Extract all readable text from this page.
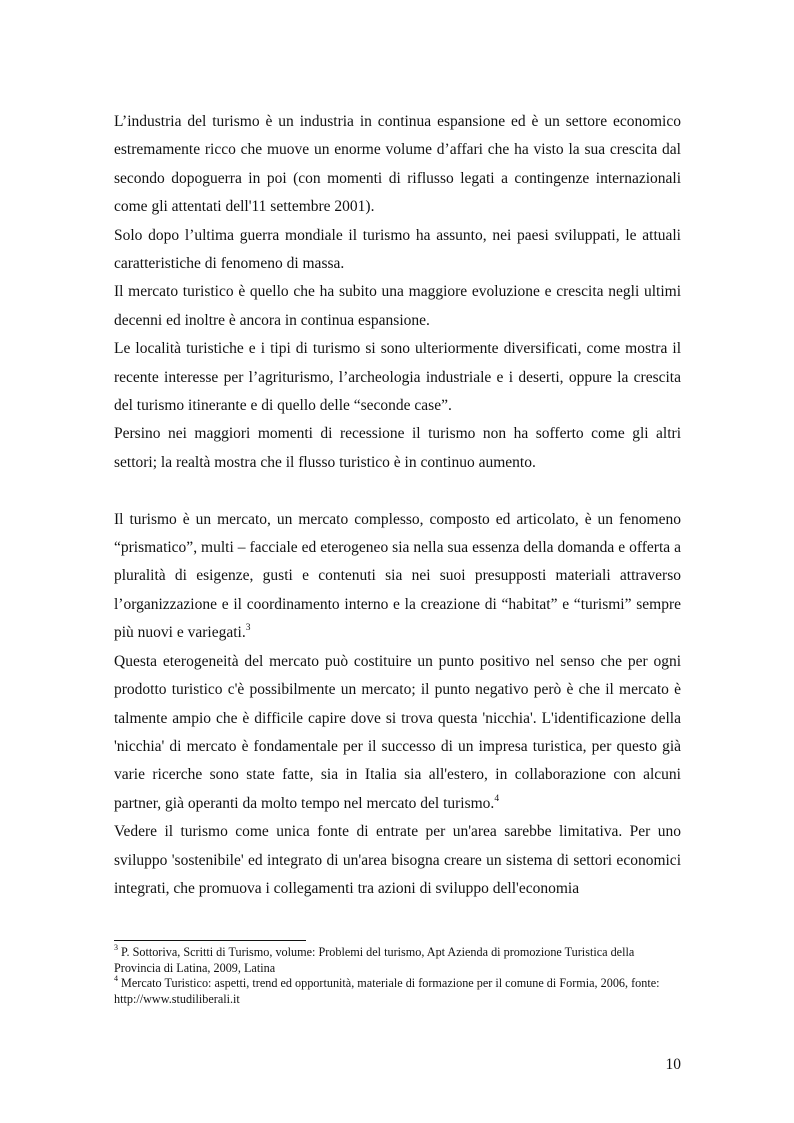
L’industria del turismo è un industria in continua espansione ed è un settore economico estremamente ricco che muove un enorme volume d’affari che ha visto la sua crescita dal secondo dopoguerra in poi (con momenti di riflusso legati a contingenze internazionali come gli attentati dell'11 settembre 2001).

Solo dopo l’ultima guerra mondiale il turismo ha assunto, nei paesi sviluppati, le attuali caratteristiche di fenomeno di massa.

Il mercato turistico è quello che ha subito una maggiore evoluzione e crescita negli ultimi decenni ed inoltre è ancora in continua espansione.

Le località turistiche e i tipi di turismo si sono ulteriormente diversificati, come mostra il recente interesse per l’agriturismo, l’archeologia industriale e i deserti, oppure la crescita del turismo itinerante e di quello delle “seconde case”.

Persino nei maggiori momenti di recessione il turismo non ha sofferto come gli altri settori; la realtà mostra che il flusso turistico è in continuo aumento.

Il turismo è un mercato, un mercato complesso, composto ed articolato, è un fenomeno “prismatico”, multi – facciale ed eterogeneo sia nella sua essenza della domanda e offerta a pluralità di esigenze, gusti e contenuti sia nei suoi presupposti materiali attraverso l’organizzazione e il coordinamento interno e la creazione di “habitat” e “turismi” sempre più nuovi e variegati.$^3$

Questa eterogeneità del mercato può costituire un punto positivo nel senso che per ogni prodotto turistico c'è possibilmente un mercato; il punto negativo però è che il mercato è talmente ampio che è difficile capire dove si trova questa 'nicchia'. L'identificazione della 'nicchia' di mercato è fondamentale per il successo di un impresa turistica, per questo già varie ricerche sono state fatte, sia in Italia sia all'estero, in collaborazione con alcuni partner, già operanti da molto tempo nel mercato del turismo.$^4$

Vedere il turismo come unica fonte di entrate per un'area sarebbe limitativa. Per uno sviluppo 'sostenibile' ed integrato di un'area bisogna creare un sistema di settori economici integrati, che promuova i collegamenti tra azioni di sviluppo dell'economia

$^3$ P. Sottoriva, Scritti di Turismo, volume: Problemi del turismo, Apt Azienda di promozione Turistica della Provincia di Latina, 2009, Latina

$^4$ Mercato Turistico: aspetti, trend ed opportunità, materiale di formazione per il comune di Formia, 2006, fonte: http://www.studiliberali.it

10
